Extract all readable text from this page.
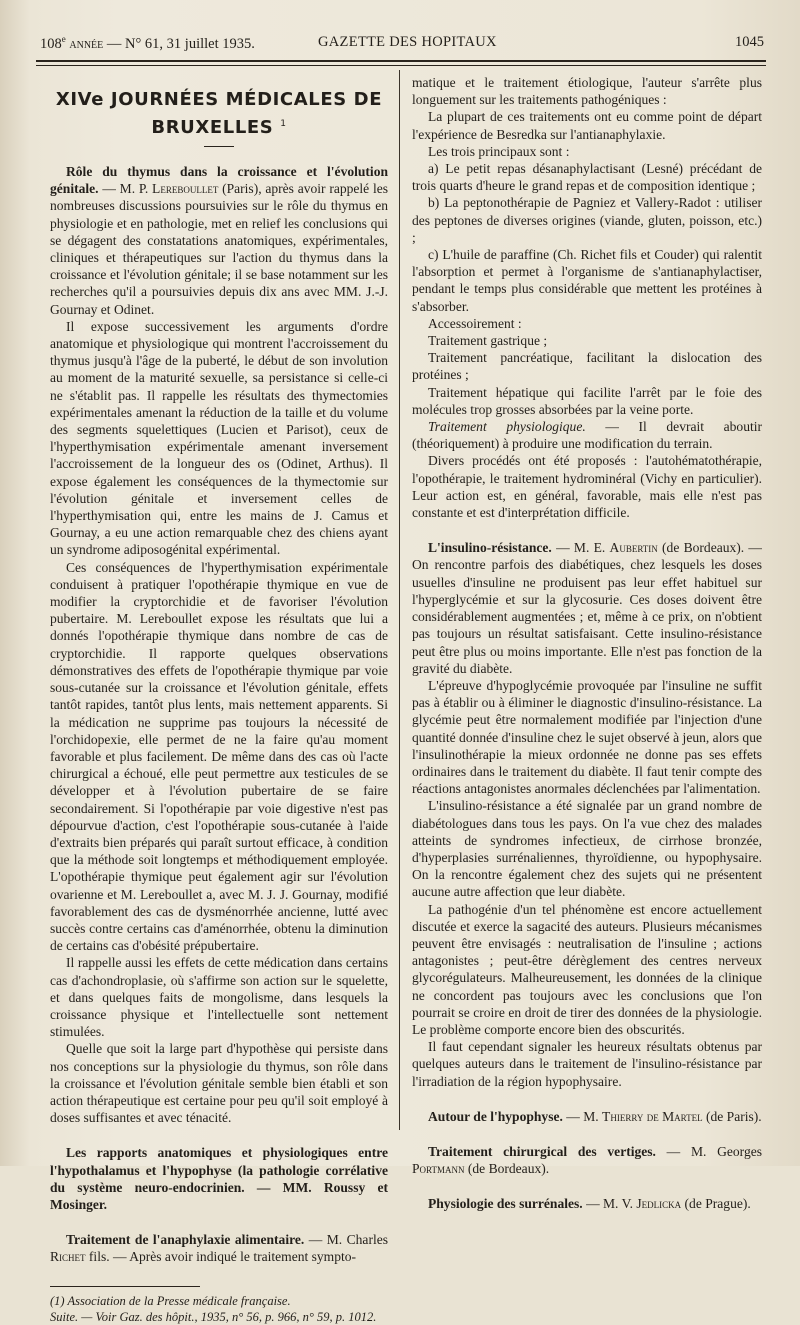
108e année — N° 61, 31 juillet 1935.	GAZETTE DES HOPITAUX	1045
XIVe JOURNÉES MÉDICALES DE BRUXELLES $^1$

Rôle du thymus dans la croissance et l'évolution génitale. — M. P. Lereboullet (Paris), après avoir rappelé les nombreuses discussions poursuivies sur le rôle du thymus en physiologie et en pathologie, met en relief les conclusions qui se dégagent des constatations anatomiques, expérimentales, cliniques et thérapeutiques sur l'action du thymus dans la croissance et l'évolution génitale; il se base notamment sur les recherches qu'il a poursuivies depuis dix ans avec MM. J.-J. Gournay et Odinet.

Il expose successivement les arguments d'ordre anatomique et physiologique qui montrent l'accroissement du thymus jusqu'à l'âge de la puberté, le début de son involution au moment de la maturité sexuelle, sa persistance si celle-ci ne s'établit pas. Il rappelle les résultats des thymectomies expérimentales amenant la réduction de la taille et du volume des segments squelettiques (Lucien et Parisot), ceux de l'hyperthymisation expérimentale amenant inversement l'accroissement de la longueur des os (Odinet, Arthus). Il expose également les conséquences de la thymectomie sur l'évolution génitale et inversement celles de l'hyperthymisation qui, entre les mains de J. Camus et Gournay, a eu une action remarquable chez des chiens ayant un syndrome adiposogénital expérimental.

Ces conséquences de l'hyperthymisation expérimentale conduisent à pratiquer l'opothérapie thymique en vue de modifier la cryptorchidie et de favoriser l'évolution pubertaire. M. Lereboullet expose les résultats que lui a donnés l'opothérapie thymique dans nombre de cas de cryptorchidie. Il rapporte quelques observations démonstratives des effets de l'opothérapie thymique par voie sous-cutanée sur la croissance et l'évolution génitale, effets tantôt rapides, tantôt plus lents, mais nettement apparents. Si la médication ne supprime pas toujours la nécessité de l'orchidopexie, elle permet de ne la faire qu'au moment favorable et plus facilement. De même dans des cas où l'acte chirurgical a échoué, elle peut permettre aux testicules de se développer et à l'évolution pubertaire de se faire secondairement. Si l'opothérapie par voie digestive n'est pas dépourvue d'action, c'est l'opothérapie sous-cutanée à l'aide d'extraits bien préparés qui paraît surtout efficace, à condition que la méthode soit longtemps et méthodiquement employée. L'opothérapie thymique peut également agir sur l'évolution ovarienne et M. Lereboullet a, avec M. J. J. Gournay, modifié favorablement des cas de dysménorrhée ancienne, lutté avec succès contre certains cas d'aménorrhée, obtenu la diminution de certains cas d'obésité prépubertaire.

Il rappelle aussi les effets de cette médication dans certains cas d'achondroplasie, où s'affirme son action sur le squelette, et dans quelques faits de mongolisme, dans lesquels la croissance physique et l'intellectuelle sont nettement stimulées.

Quelle que soit la large part d'hypothèse qui persiste dans nos conceptions sur la physiologie du thymus, son rôle dans la croissance et l'évolution génitale semble bien établi et son action thérapeutique est certaine pour peu qu'il soit employé à doses suffisantes et avec ténacité.

Les rapports anatomiques et physiologiques entre l'hypothalamus et l'hypophyse (la pathologie corrélative du système neuro-endocrinien. — MM. Roussy et Mosinger.

Traitement de l'anaphylaxie alimentaire. — M. Charles Richet fils. — Après avoir indiqué le traitement sympto-

(1) Association de la Presse médicale française.

Suite. — Voir Gaz. des hôpit., 1935, n° 56, p. 966, n° 59, p. 1012.

matique et le traitement étiologique, l'auteur s'arrête plus longuement sur les traitements pathogéniques :

La plupart de ces traitements ont eu comme point de départ l'expérience de Besredka sur l'antianaphylaxie.

Les trois principaux sont :

a) Le petit repas désanaphylactisant (Lesné) précédant de trois quarts d'heure le grand repas et de composition identique ;

b) La peptonothérapie de Pagniez et Vallery-Radot : utiliser des peptones de diverses origines (viande, gluten, poisson, etc.) ;

c) L'huile de paraffine (Ch. Richet fils et Couder) qui ralentit l'absorption et permet à l'organisme de s'antianaphylactiser, pendant le temps plus considérable que mettent les protéines à s'absorber.

Accessoirement :

Traitement gastrique ;

Traitement pancréatique, facilitant la dislocation des protéines ;

Traitement hépatique qui facilite l'arrêt par le foie des molécules trop grosses absorbées par la veine porte.

Traitement physiologique. — Il devrait aboutir (théoriquement) à produire une modification du terrain.

Divers procédés ont été proposés : l'autohématothérapie, l'opothérapie, le traitement hydrominéral (Vichy en particulier). Leur action est, en général, favorable, mais elle n'est pas constante et est d'interprétation difficile.

L'insulino-résistance. — M. E. Aubertin (de Bordeaux). — On rencontre parfois des diabétiques, chez lesquels les doses usuelles d'insuline ne produisent pas leur effet habituel sur l'hyperglycémie et sur la glycosurie. Ces doses doivent être considérablement augmentées ; et, même à ce prix, on n'obtient pas toujours un résultat satisfaisant. Cette insulino-résistance peut être plus ou moins importante. Elle n'est pas fonction de la gravité du diabète.

L'épreuve d'hypoglycémie provoquée par l'insuline ne suffit pas à établir ou à éliminer le diagnostic d'insulino-résistance. La glycémie peut être normalement modifiée par l'injection d'une quantité donnée d'insuline chez le sujet observé à jeun, alors que l'insulinothérapie la mieux ordonnée ne donne pas ses effets ordinaires dans le traitement du diabète. Il faut tenir compte des réactions antagonistes anormales déclenchées par l'alimentation.

L'insulino-résistance a été signalée par un grand nombre de diabétologues dans tous les pays. On l'a vue chez des malades atteints de syndromes infectieux, de cirrhose bronzée, d'hyperplasies surrénaliennes, thyroïdienne, ou hypophysaire. On la rencontre également chez des sujets qui ne présentent aucune autre affection que leur diabète.

La pathogénie d'un tel phénomène est encore actuellement discutée et exerce la sagacité des auteurs. Plusieurs mécanismes peuvent être envisagés : neutralisation de l'insuline ; actions antagonistes ; peut-être dérèglement des centres nerveux glycorégulateurs. Malheureusement, les données de la clinique ne concordent pas toujours avec les conclusions que l'on pourrait se croire en droit de tirer des données de la physiologie. Le problème comporte encore bien des obscurités.

Il faut cependant signaler les heureux résultats obtenus par quelques auteurs dans le traitement de l'insulino-résistance par l'irradiation de la région hypophysaire.

Autour de l'hypophyse. — M. Thierry de Martel (de Paris).

Traitement chirurgical des vertiges. — M. Georges Portmann (de Bordeaux).

Physiologie des surrénales. — M. V. Jedlicka (de Prague).
